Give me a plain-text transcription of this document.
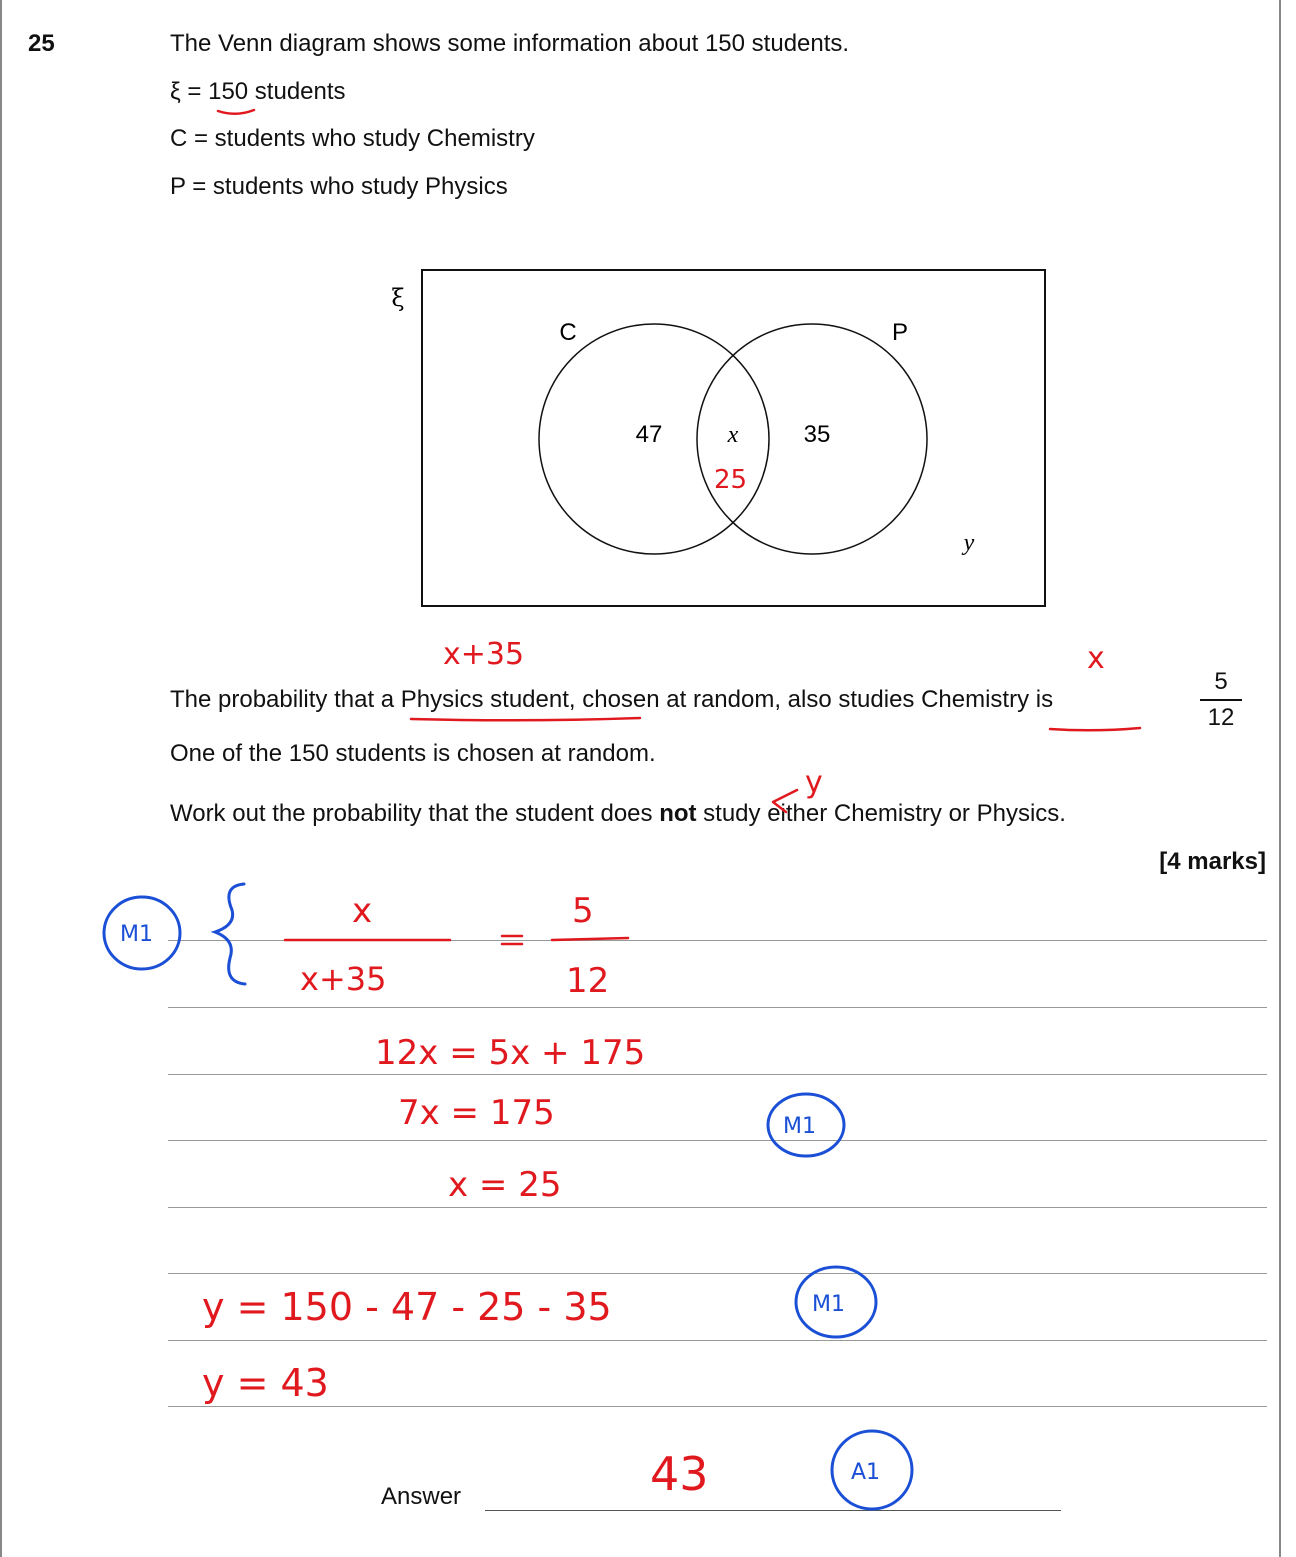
25	The Venn diagram shows some information about 150 students.
ξ = 150 students
C = students who study Chemistry
P = students who study Physics
ξ
C	P
47	x	35
y
The probability that a Physics student, chosen at random, also studies Chemistry is
5
12
One of the 150 students is chosen at random.
Work out the probability that the student does not study either Chemistry or Physics.
[4 marks]
Answer
25
x+35	x
y
x
x+35
5
12
12x = 5x + 175
7x = 175
x = 25
y = 150 - 47 - 25 - 35
y = 43
43
M1
M1
M1
A1
